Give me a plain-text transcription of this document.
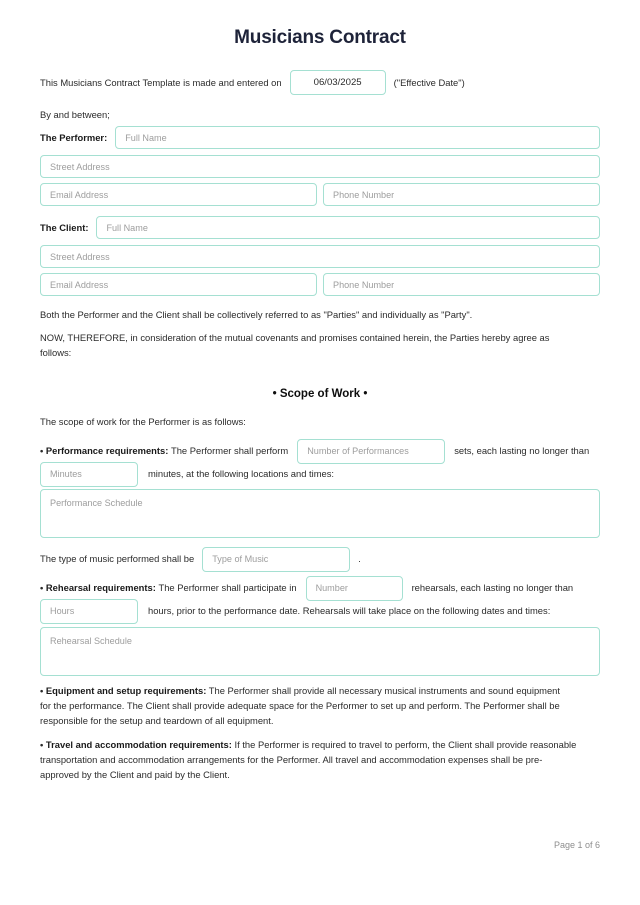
Musicians Contract
This Musicians Contract Template is made and entered on	06/03/2025	("Effective Date")
By and between;
The Performer:	Full Name
Street Address
Email Address	Phone Number
The Client:	Full Name
Street Address
Email Address	Phone Number
Both the Performer and the Client shall be collectively referred to as "Parties" and individually as "Party".
NOW, THEREFORE, in consideration of the mutual covenants and promises contained herein, the Parties hereby agree as follows:
• Scope of Work •
The scope of work for the Performer is as follows:
•
Performance requirements:
The Performer shall perform	Number of Performances	sets, each lasting no longer than
Minutes	minutes, at the following locations and times:
Performance Schedule
The type of music performed shall be	Type of Music	.
•
Rehearsal requirements:
The Performer shall participate in	Number	rehearsals, each lasting no longer than
Hours	hours, prior to the performance date. Rehearsals will take place on the following dates and times:
Rehearsal Schedule
• Equipment and setup requirements: The Performer shall provide all necessary musical instruments and sound equipment for the performance. The Client shall provide adequate space for the Performer to set up and perform. The Performer shall be responsible for the setup and teardown of all equipment.
• Travel and accommodation requirements: If the Performer is required to travel to perform, the Client shall provide reasonable transportation and accommodation arrangements for the Performer. All travel and accommodation expenses shall be pre-approved by the Client and paid by the Client.
Page 1 of 6
